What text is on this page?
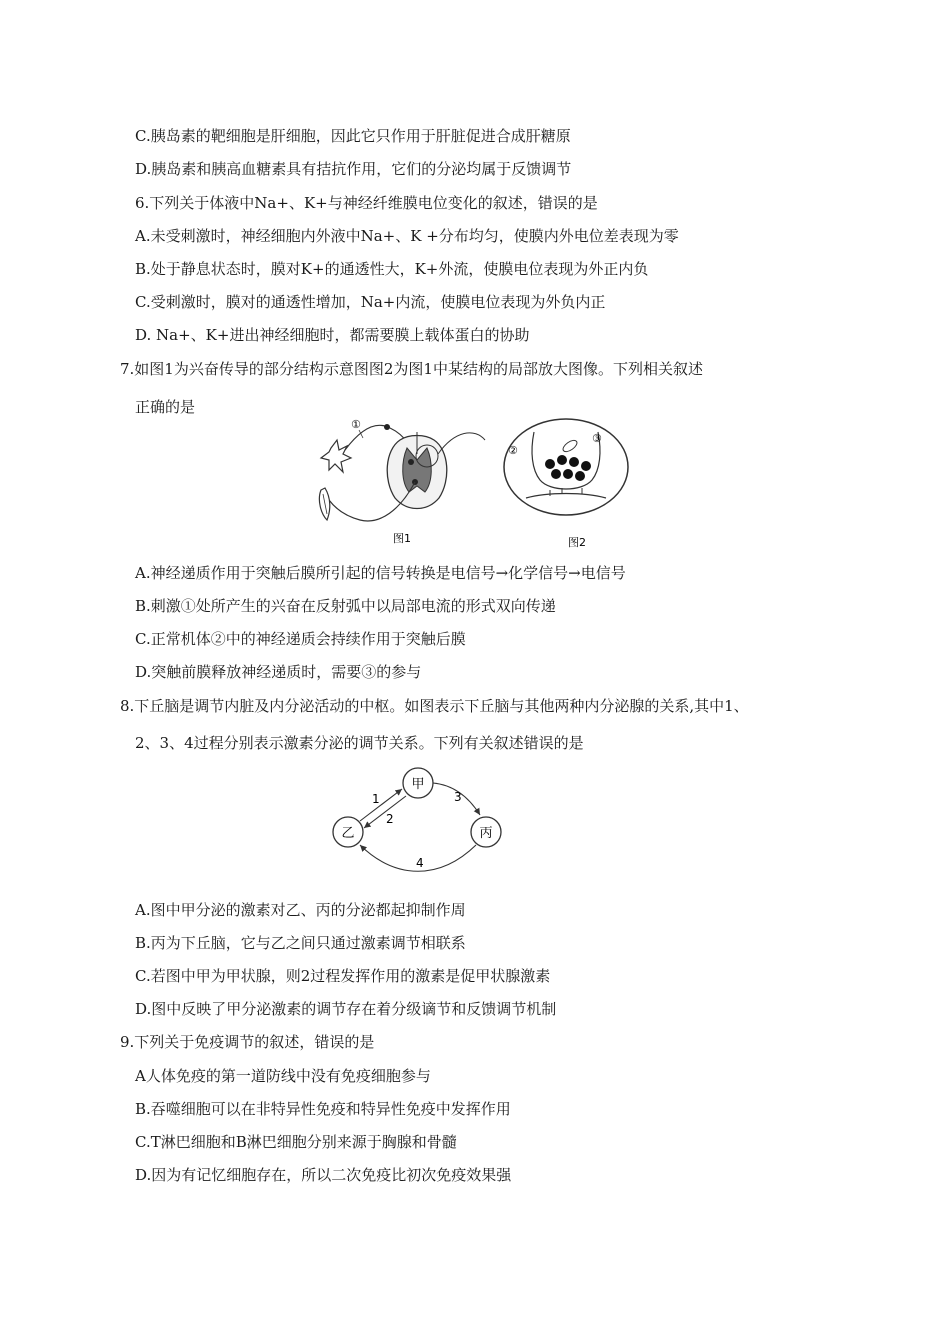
C.胰岛素的靶细胞是肝细胞，因此它只作用于肝脏促进合成肝糖原
D.胰岛素和胰高血糖素具有拮抗作用，它们的分泌均属于反馈调节
6.下列关于体液中Na+、K+与神经纤维膜电位变化的叙述，错误的是
A.未受刺激时，神经细胞内外液中Na+、K +分布均匀，使膜内外电位差表现为零
B.处于静息状态时，膜对K+的通透性大，K+外流，使膜电位表现为外正内负
C.受刺激时，膜对的通透性增加，Na+内流，使膜电位表现为外负内正
D. Na+、K+进出神经细胞时，都需要膜上载体蛋白的协助
7.如图1为兴奋传导的部分结构示意图图2为图1中某结构的局部放大图像。下列相关叙述
正确的是
①
图1
②
③
图2
A.神经递质作用于突触后膜所引起的信号转换是电信号→化学信号→电信号
B.刺激①处所产生的兴奋在反射弧中以局部电流的形式双向传递
C.正常机体②中的神经递质会持续作用于突触后膜
D.突触前膜释放神经递质时，需要③的参与
8.下丘脑是调节内脏及内分泌活动的中枢。如图表示下丘脑与其他两种内分泌腺的关系,其中1、
2、3、4过程分别表示激素分泌的调节关系。下列有关叙述错误的是
甲
乙	丙
1
2
3
4
A.图中甲分泌的激素对乙、丙的分泌都起抑制作周
B.丙为下丘脑，它与乙之间只通过激素调节相联系
C.若图中甲为甲状腺，则2过程发挥作用的激素是促甲状腺激素
D.图中反映了甲分泌激素的调节存在着分级谪节和反馈调节机制
9.下列关于免疫调节的叙述，错误的是
A人体免疫的第一道防线中没有免疫细胞参与
B.吞噬细胞可以在非特异性免疫和特异性免疫中发挥作用
C.T淋巴细胞和B淋巴细胞分别来源于胸腺和骨髓
D.因为有记忆细胞存在，所以二次免疫比初次免疫效果强
